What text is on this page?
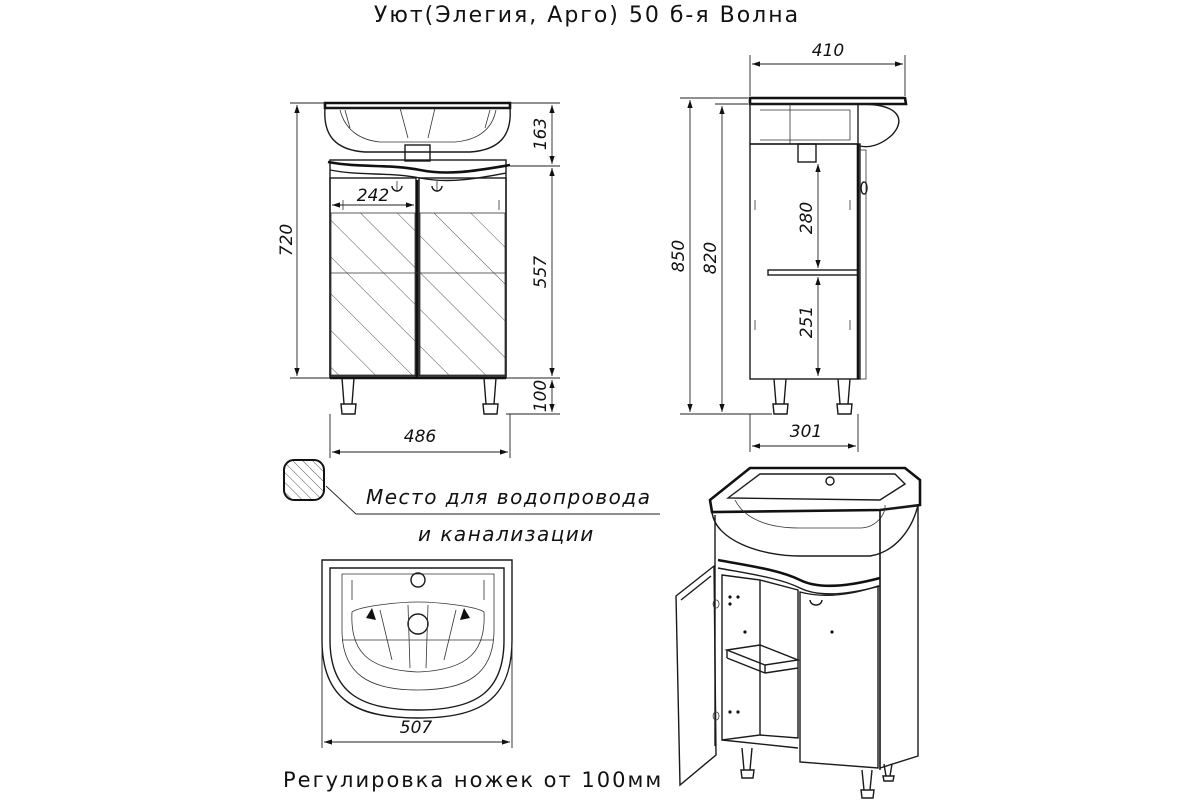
Уют(Элегия, Арго) 50 б-я Волна
242
720
163
557
100
486
410
850 820
280
251
301
Место для водопровода
и канализации
507
Регулировка ножек от 100мм
